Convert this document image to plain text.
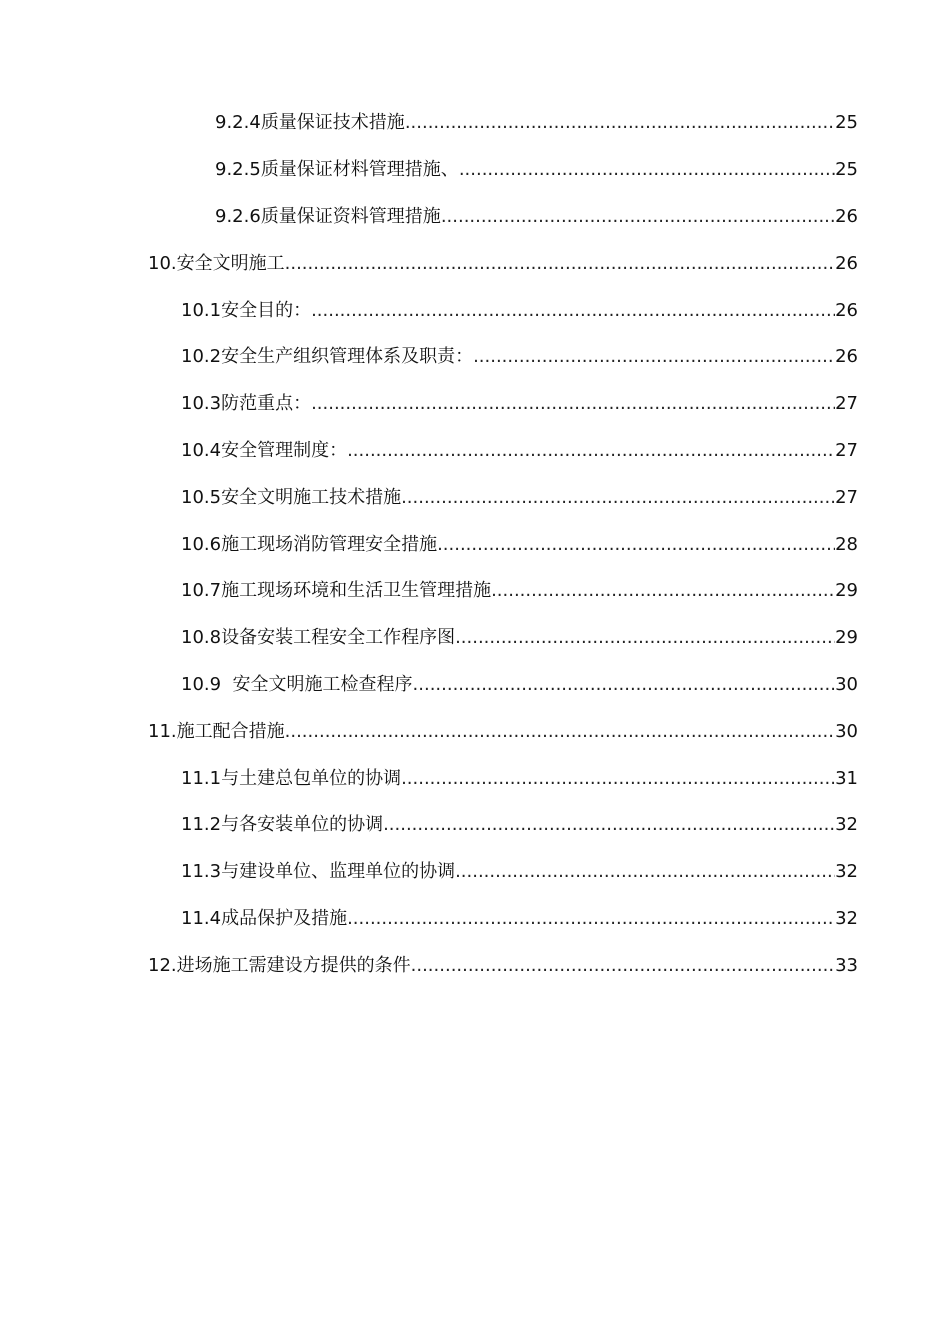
9.2.4 质量保证技术措施 .....	25
9.2.5 质量保证材料管理措施、 .....	25
9.2.6 质量保证资料管理措施 .....	26
10. 安全文明施工 .....	26
10.1 安全目的： .....	26
10.2 安全生产组织管理体系及职责： .....	26
10.3 防范重点： .....	27
10.4 安全管理制度： .....	27
10.5 安全文明施工技术措施 .....	27
10.6 施工现场消防管理安全措施 .....	28
10.7 施工现场环境和生活卫生管理措施 .....	29
10.8 设备安装工程安全工作程序图 .....	29
10.9 安全文明施工检查程序 .....	30
11. 施工配合措施 .....	30
11.1 与土建总包单位的协调 .....	31
11.2 与各安装单位的协调 .....	32
11.3 与建设单位、监理单位的协调 .....	32
11.4 成品保护及措施 .....	32
12. 进场施工需建设方提供的条件 .....	33
